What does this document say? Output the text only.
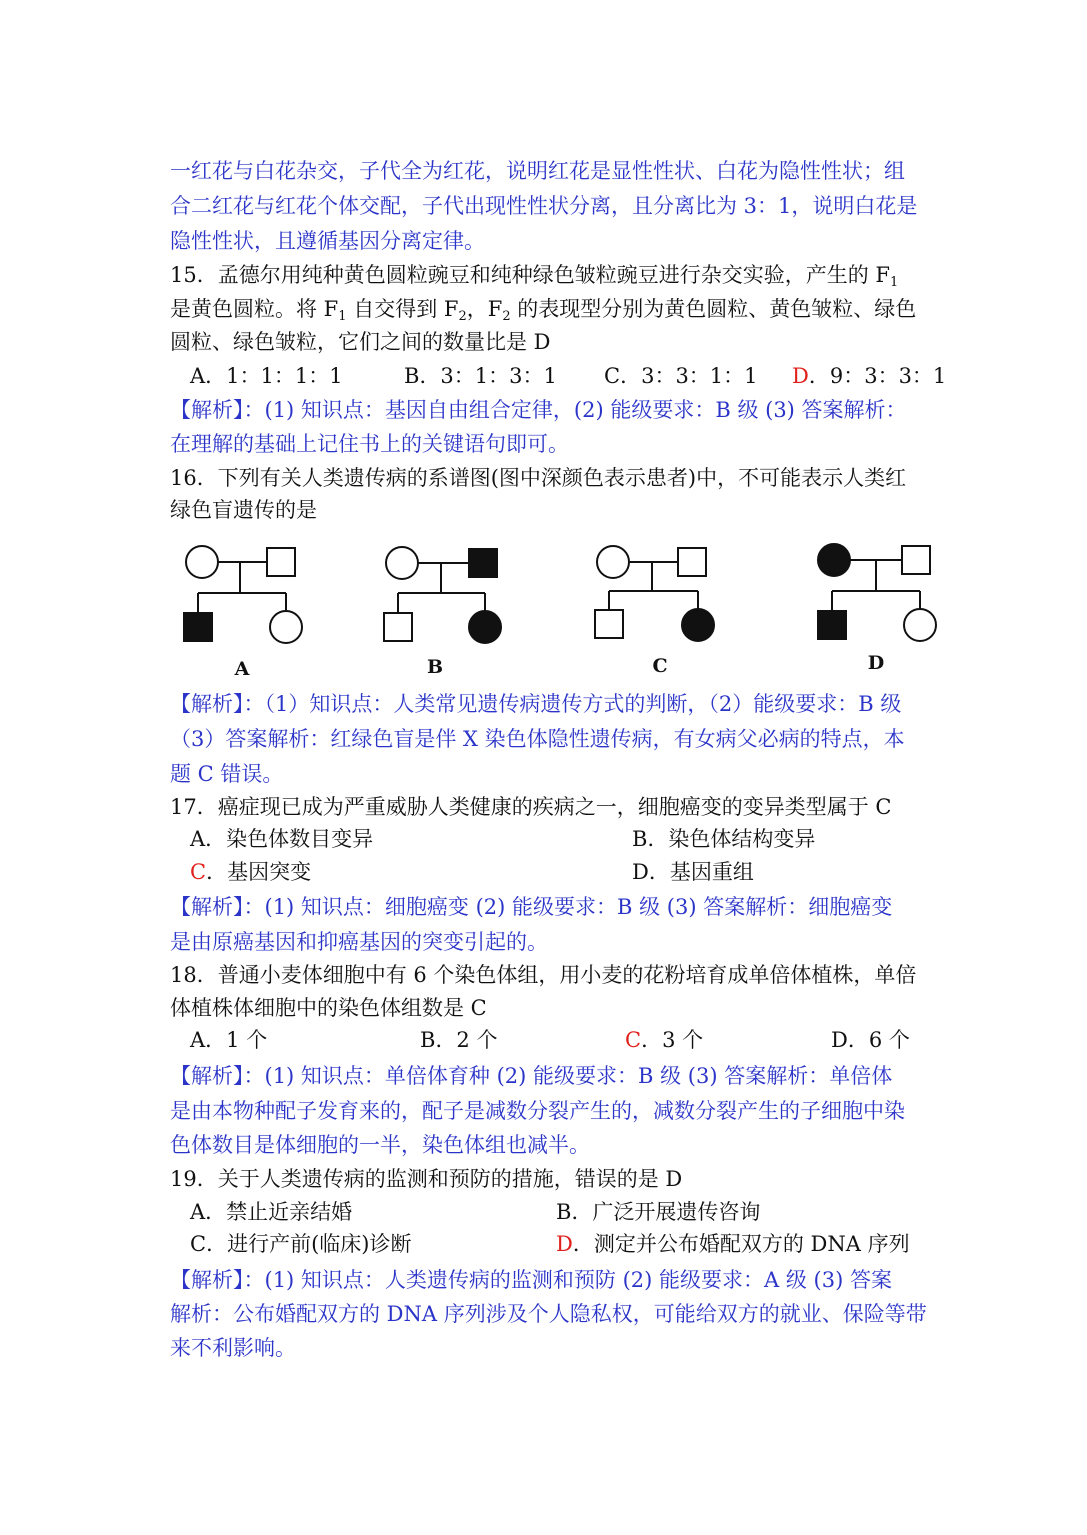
一红花与白花杂交，子代全为红花，说明红花是显性性状、白花为隐性性状；组
合二红花与红花个体交配，子代出现性性状分离，且分离比为 3：1，说明白花是
隐性性状，且遵循基因分离定律。
15．孟德尔用纯种黄色圆粒豌豆和纯种绿色皱粒豌豆进行杂交实验，产生的 $F_1$
是黄色圆粒。将 $F_1$ 自交得到 $F_2$，$F_2$ 的表现型分别为黄色圆粒、黄色皱粒、绿色
圆粒、绿色皱粒，它们之间的数量比是 D
A．1：1：1：1	B．3：1：3：1 C．3：3：1：1 D．9：3：3：1
【解析】：(1) 知识点：基因自由组合定律，(2) 能级要求：B 级 (3) 答案解析：
在理解的基础上记住书上的关键语句即可。
16．下列有关人类遗传病的系谱图(图中深颜色表示患者)中，不可能表示人类红
绿色盲遗传的是
A	B	C	D
【解析】：（1）知识点：人类常见遗传病遗传方式的判断，（2）能级要求：B 级
（3）答案解析：红绿色盲是伴 X 染色体隐性遗传病，有女病父必病的特点，本
题 C 错误。
17．癌症现已成为严重威胁人类健康的疾病之一，细胞癌变的变异类型属于 C
A．染色体数目变异	B．染色体结构变异
C．基因突变	D．基因重组
【解析】：(1) 知识点：细胞癌变 (2) 能级要求：B 级 (3) 答案解析：细胞癌变
是由原癌基因和抑癌基因的突变引起的。
18．普通小麦体细胞中有 6 个染色体组，用小麦的花粉培育成单倍体植株，单倍
体植株体细胞中的染色体组数是 C
A．1 个	B．2 个	C．3 个	D．6 个
【解析】：(1) 知识点：单倍体育种 (2) 能级要求：B 级 (3) 答案解析：单倍体
是由本物种配子发育来的，配子是减数分裂产生的，减数分裂产生的子细胞中染
色体数目是体细胞的一半，染色体组也减半。
19．关于人类遗传病的监测和预防的措施，错误的是 D
A．禁止近亲结婚	B．广泛开展遗传咨询
C．进行产前(临床)诊断	D．测定并公布婚配双方的 DNA 序列
【解析】：(1) 知识点：人类遗传病的监测和预防 (2) 能级要求：A 级 (3) 答案
解析：公布婚配双方的 DNA 序列涉及个人隐私权，可能给双方的就业、保险等带
来不利影响。
